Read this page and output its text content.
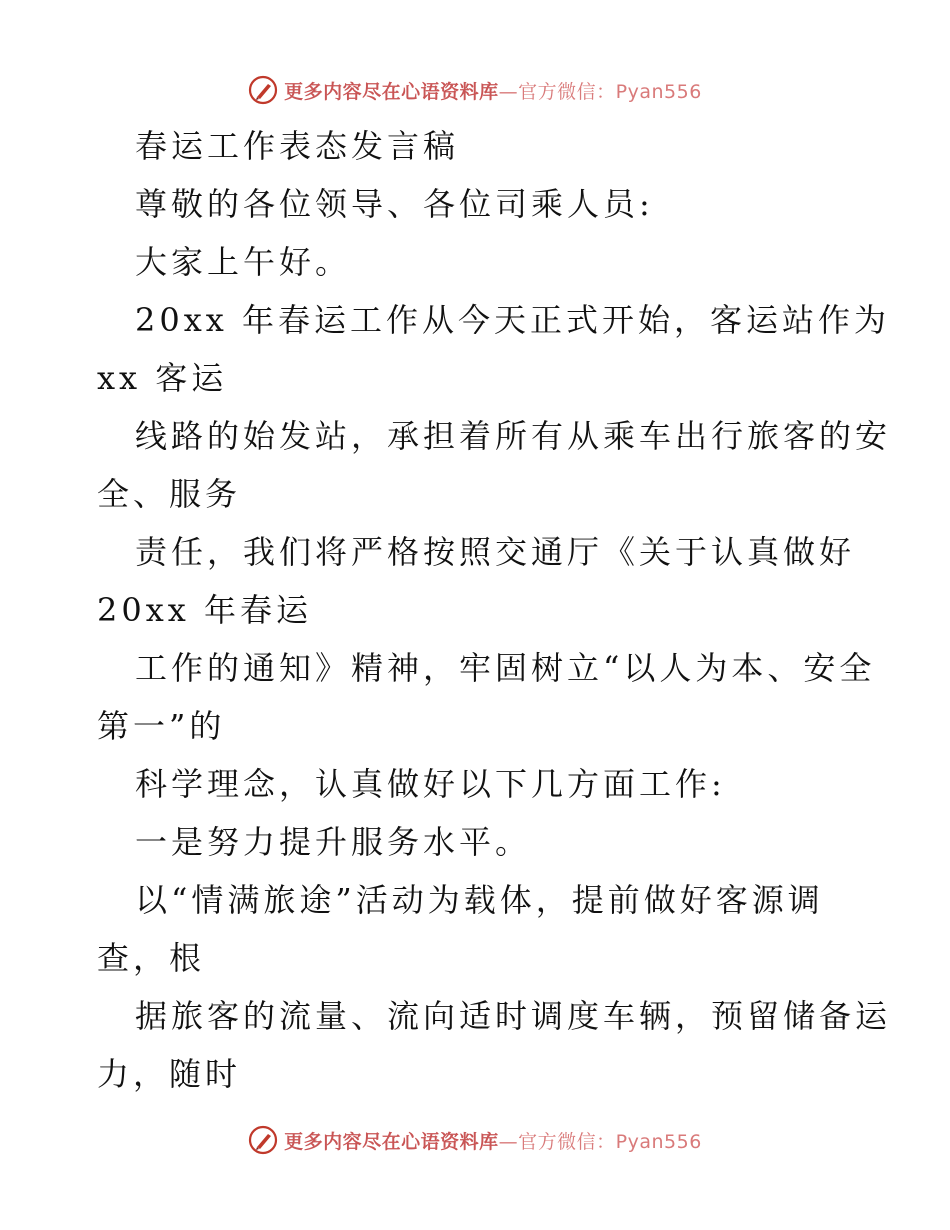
更多内容尽在心语资料库—官方微信：Pyan556
春运工作表态发言稿
尊敬的各位领导、各位司乘人员:
大家上午好。
20xx 年春运工作从今天正式开始，客运站作为
xx 客运
线路的始发站，承担着所有从乘车出行旅客的安
全、服务
责任，我们将严格按照交通厅《关于认真做好
20xx 年春运
工作的通知》精神，牢固树立“以人为本、安全
第一”的
科学理念，认真做好以下几方面工作:
一是努力提升服务水平。
以“情满旅途”活动为载体，提前做好客源调
查，根
据旅客的流量、流向适时调度车辆，预留储备运
力，随时
更多内容尽在心语资料库—官方微信：Pyan556
